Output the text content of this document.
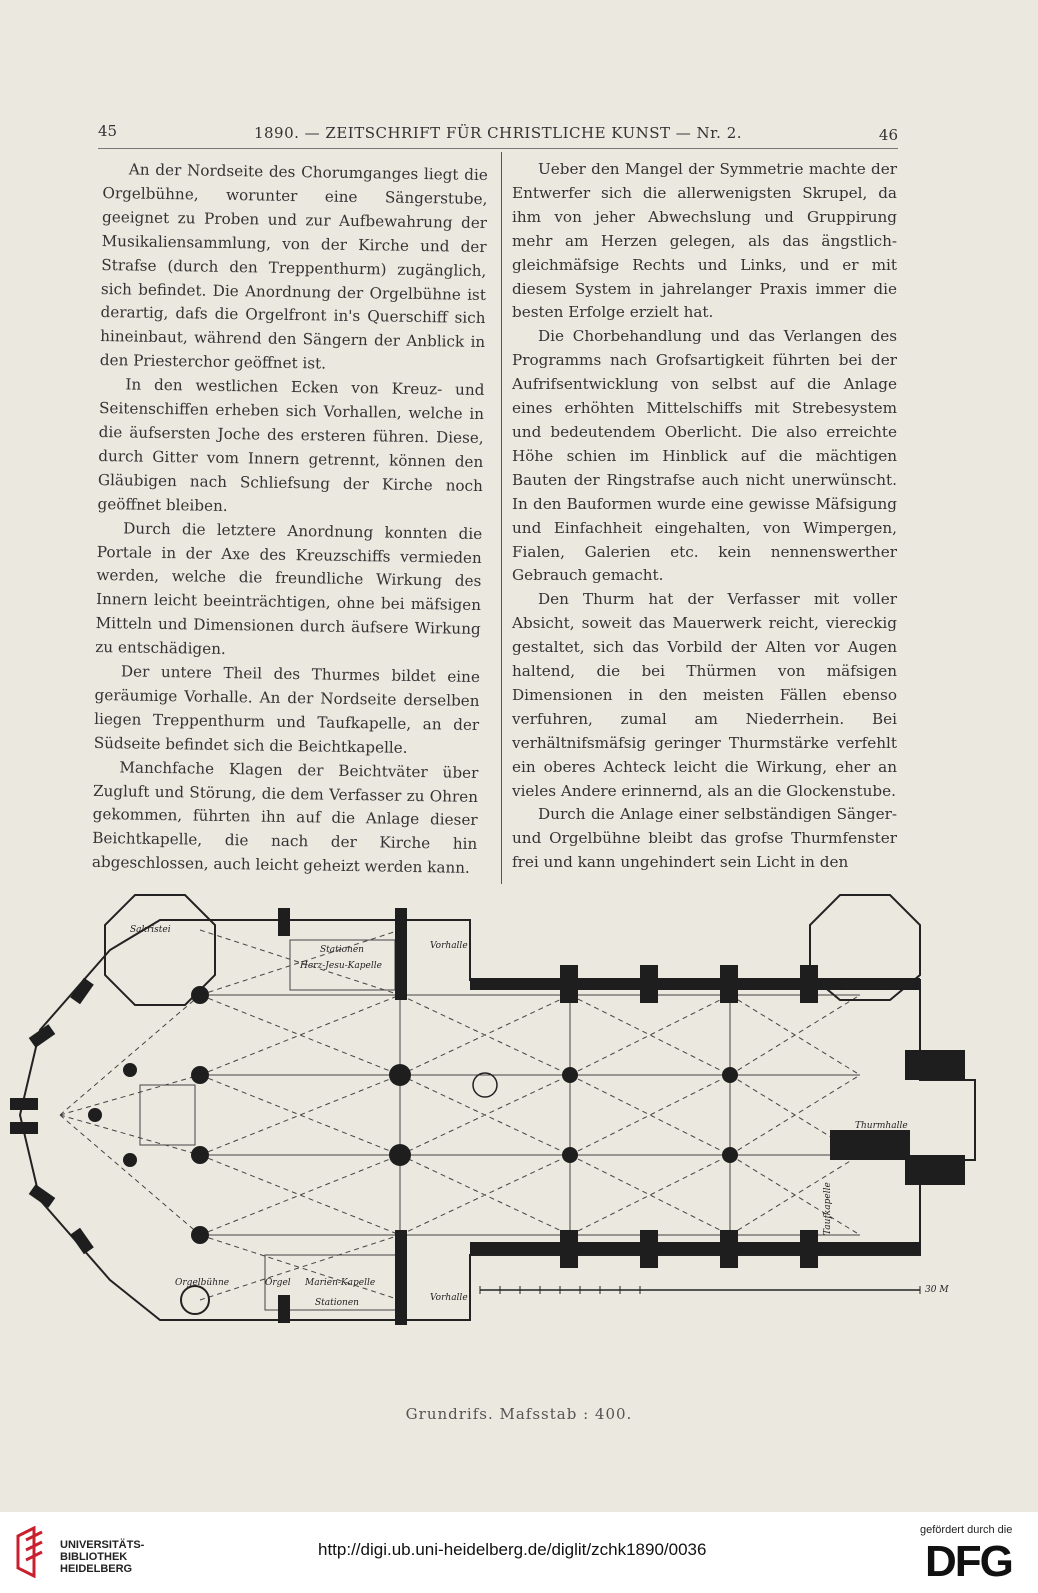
45	1890. — ZEITSCHRIFT FÜR CHRISTLICHE KUNST — Nr. 2.	46

An der Nordseite des Chorumganges liegt die Orgelbühne, worunter eine Sängerstube, geeignet zu Proben und zur Aufbewahrung der Musikaliensammlung, von der Kirche und der Strafse (durch den Treppenthurm) zugänglich, sich befindet. Die Anordnung der Orgelbühne ist derartig, dafs die Orgelfront in's Querschiff sich hineinbaut, während den Sängern der Anblick in den Priesterchor geöffnet ist.

In den westlichen Ecken von Kreuz- und Seitenschiffen erheben sich Vorhallen, welche in die äufsersten Joche des ersteren führen. Diese, durch Gitter vom Innern getrennt, können den Gläubigen nach Schliefsung der Kirche noch geöffnet bleiben.

Durch die letztere Anordnung konnten die Portale in der Axe des Kreuzschiffs vermieden werden, welche die freundliche Wirkung des Innern leicht beeinträchtigen, ohne bei mäfsigen Mitteln und Dimensionen durch äufsere Wirkung zu entschädigen.

Der untere Theil des Thurmes bildet eine geräumige Vorhalle. An der Nordseite derselben liegen Treppenthurm und Taufkapelle, an der Südseite befindet sich die Beichtkapelle.

Manchfache Klagen der Beichtväter über Zugluft und Störung, die dem Verfasser zu Ohren gekommen, führten ihn auf die Anlage dieser Beichtkapelle, die nach der Kirche hin abgeschlossen, auch leicht geheizt werden kann.

Ueber den Mangel der Symmetrie machte der Entwerfer sich die allerwenigsten Skrupel, da ihm von jeher Abwechslung und Gruppirung mehr am Herzen gelegen, als das ängstlich-gleichmäfsige Rechts und Links, und er mit diesem System in jahrelanger Praxis immer die besten Erfolge erzielt hat.

Die Chorbehandlung und das Verlangen des Programms nach Grofsartigkeit führten bei der Aufrifsentwicklung von selbst auf die Anlage eines erhöhten Mittelschiffs mit Strebesystem und bedeutendem Oberlicht. Die also erreichte Höhe schien im Hinblick auf die mächtigen Bauten der Ringstrafse auch nicht unerwünscht. In den Bauformen wurde eine gewisse Mäfsigung und Einfachheit eingehalten, von Wimpergen, Fialen, Galerien etc. kein nennenswerther Gebrauch gemacht.

Den Thurm hat der Verfasser mit voller Absicht, soweit das Mauerwerk reicht, viereckig gestaltet, sich das Vorbild der Alten vor Augen haltend, die bei Thürmen von mäfsigen Dimensionen in den meisten Fällen ebenso verfuhren, zumal am Niederrhein. Bei verhältnifsmäfsig geringer Thurmstärke verfehlt ein oberes Achteck leicht die Wirkung, eher an vieles Andere erinnernd, als an die Glockenstube.

Durch die Anlage einer selbständigen Sänger- und Orgelbühne bleibt das grofse Thurmfenster frei und kann ungehindert sein Licht in den

Sakristei
Stationen
Herz-Jesu-Kapelle
Vorhalle
Beichtkapelle
Thurmhalle
Taufkapelle
Orgelbühne	Orgel Marien-Kapelle
Stationen	Vorhalle
30 M
Grundrifs. Mafsstab : 400.
UNIVERSITÄTS-
BIBLIOTHEK
HEIDELBERG
http://digi.ub.uni-heidelberg.de/diglit/zchk1890/0036
gefördert durch die
DFG
